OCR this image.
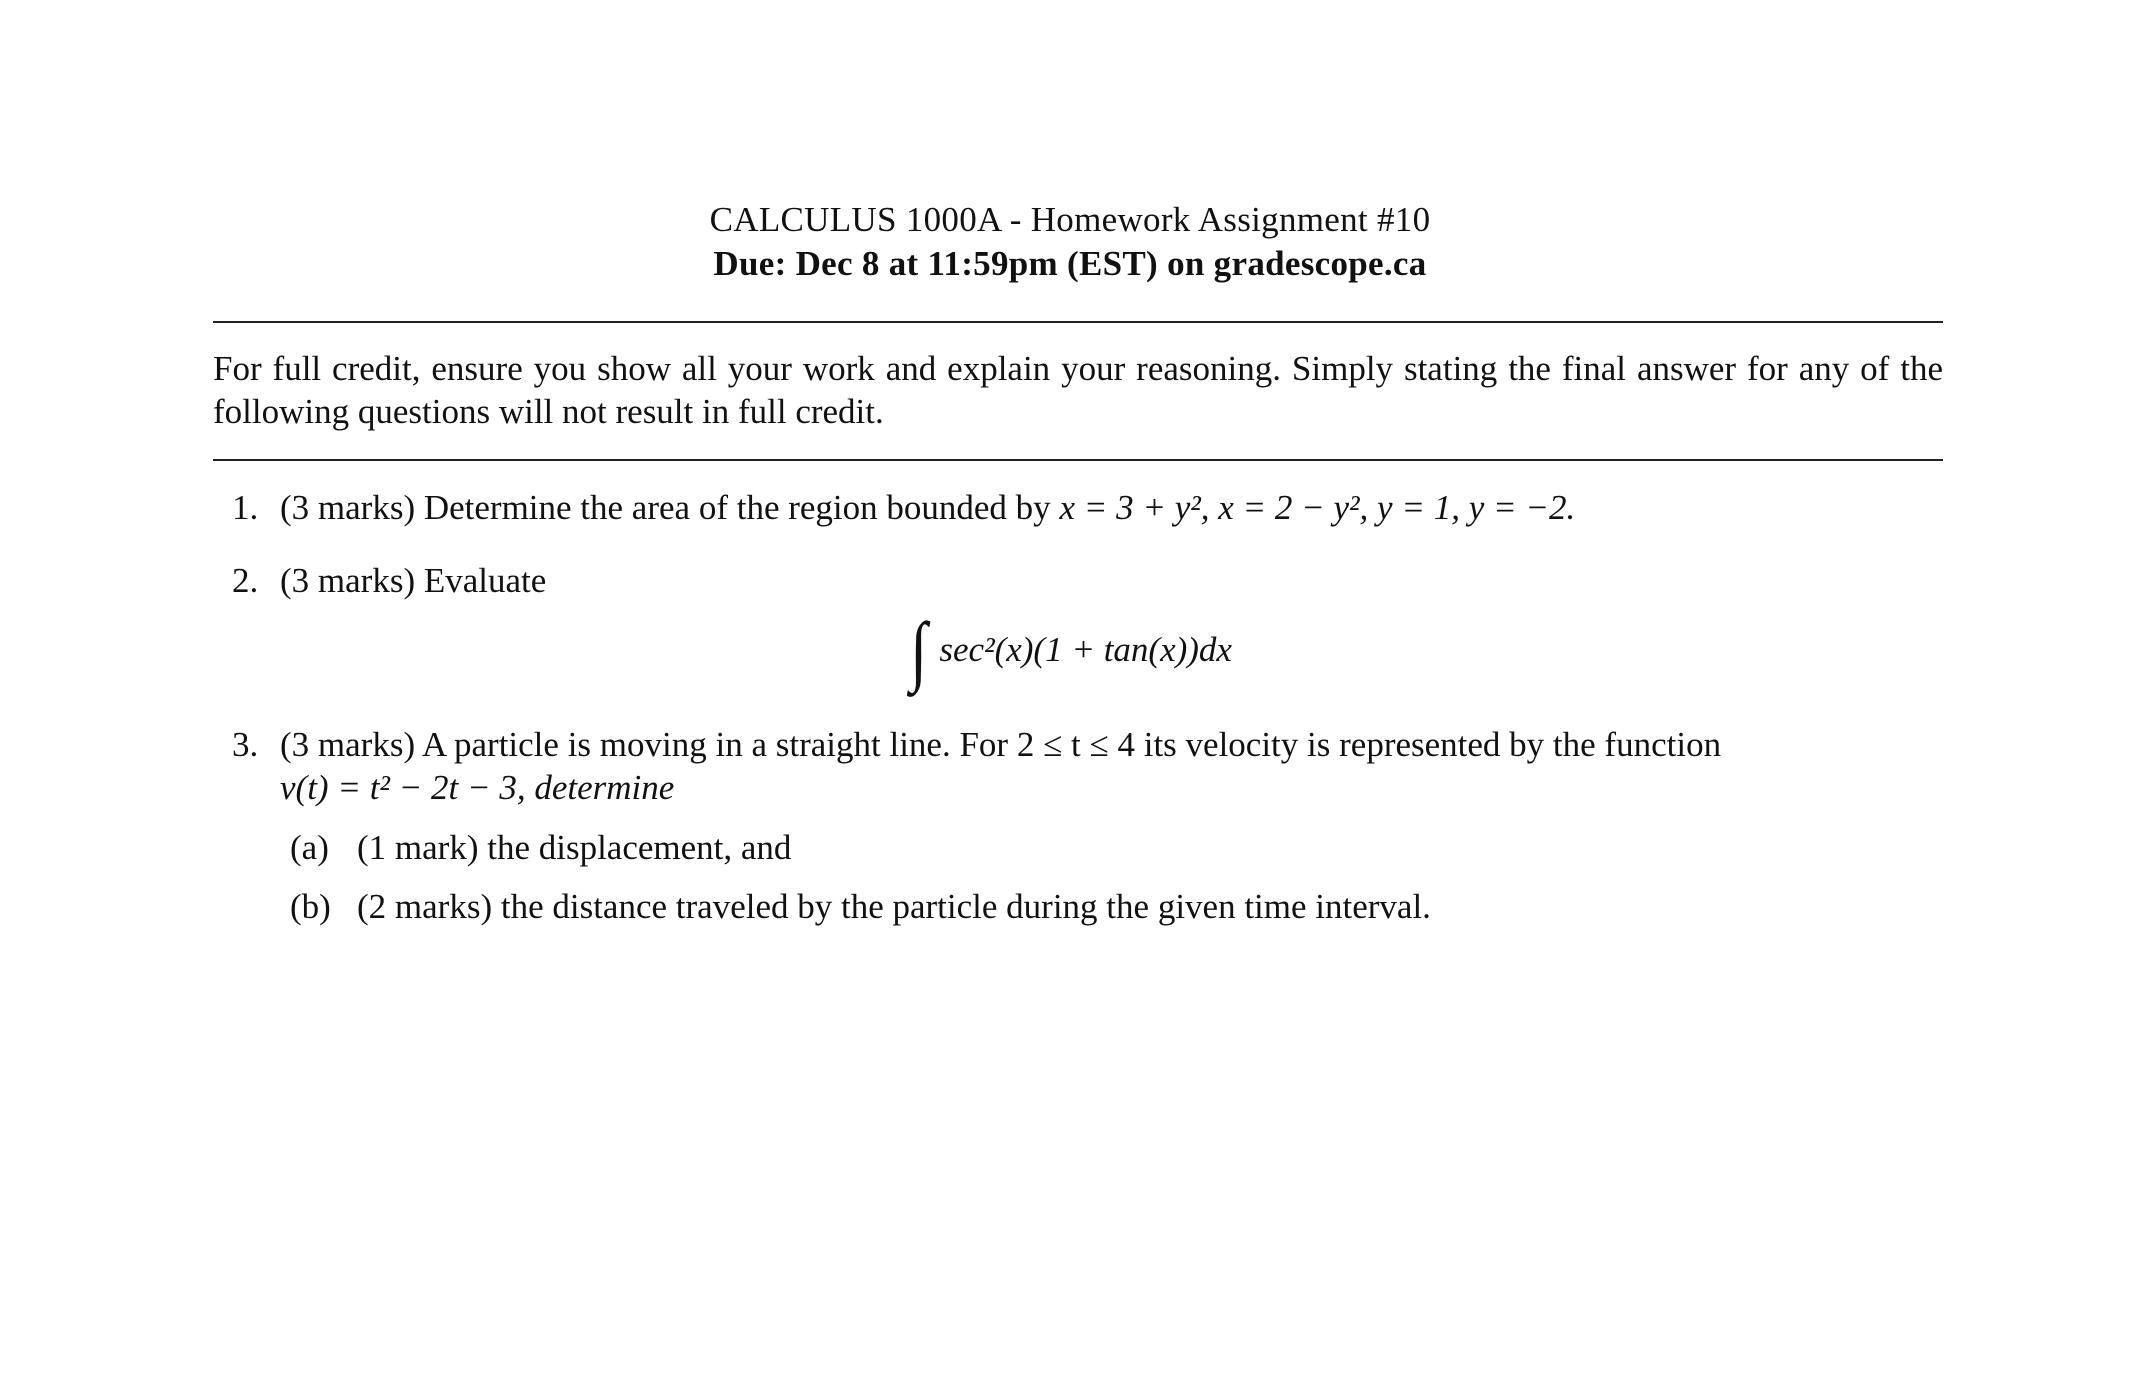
CALCULUS 1000A - Homework Assignment #10
Due: Dec 8 at 11:59pm (EST) on gradescope.ca
For full credit, ensure you show all your work and explain your reasoning. Simply stating the final answer for any of the following questions will not result in full credit.
1. (3 marks) Determine the area of the region bounded by x = 3 + y², x = 2 − y², y = 1, y = −2.
2. (3 marks) Evaluate
∫ sec²(x)(1 + tan(x))dx
3. (3 marks) A particle is moving in a straight line. For 2 ≤ t ≤ 4 its velocity is represented by the function
v(t) = t² − 2t − 3, determine
(a) (1 mark) the displacement, and
(b) (2 marks) the distance traveled by the particle during the given time interval.
